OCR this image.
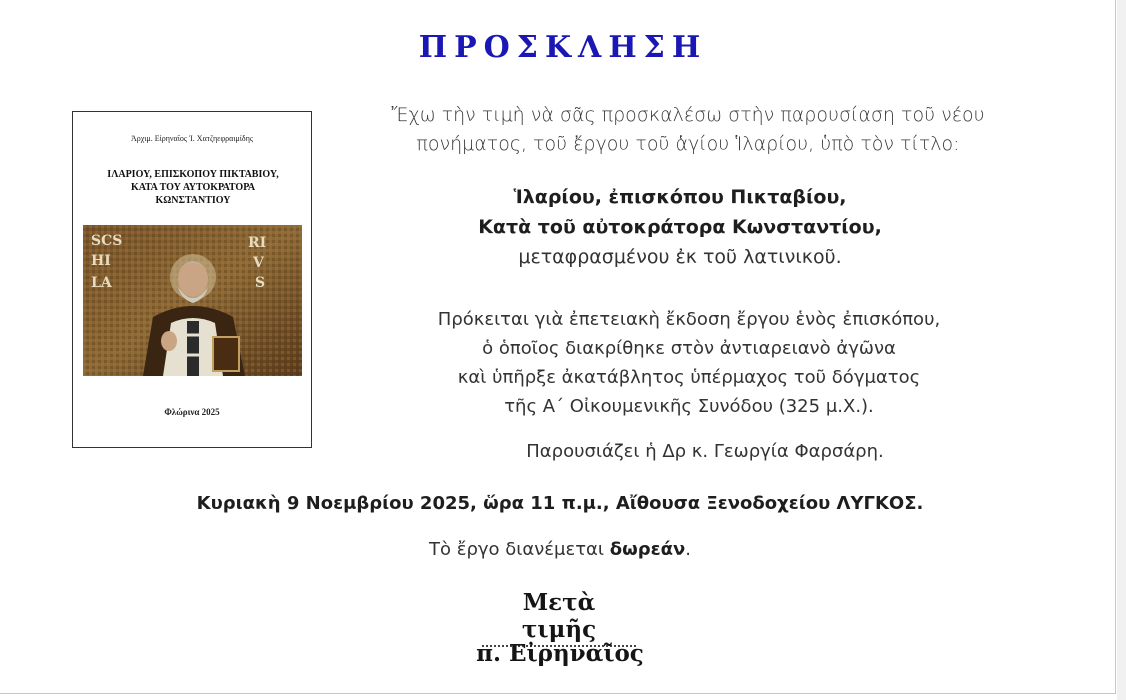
ΠΡΟΣΚΛΗΣΗ
Ἀρχιμ. Εἰρηναῖος Ἰ. Χατζηεφραιμίδης
ΙΛΑΡΙΟΥ, ΕΠΙΣΚΟΠΟΥ ΠΙΚΤΑΒΙΟΥ,
ΚΑΤΑ ΤΟΥ ΑΥΤΟΚΡΑΤΟΡΑ
ΚΩΝΣΤΑΝΤΙΟΥ
SCS
HI
LA
RI
V
S
Φλώρινα 2025
Ἔχω τὴν τιμὴ νὰ σᾶς προσκαλέσω στὴν παρουσίαση τοῦ νέου
πονήματος, τοῦ ἔργου τοῦ ἁγίου Ἱλαρίου, ὑπὸ τὸν τίτλο:
Ἱλαρίου, ἐπισκόπου Πικταβίου,
Κατὰ τοῦ αὐτοκράτορα Κωνσταντίου,
μεταφρασμένου ἐκ τοῦ λατινικοῦ.
Πρόκειται γιὰ ἐπετειακὴ ἔκδοση ἔργου ἑνὸς ἐπισκόπου,
ὁ ὁποῖος διακρίθηκε στὸν ἀντιαρειανὸ ἀγῶνα
καὶ ὑπῆρξε ἀκατάβλητος ὑπέρμαχος τοῦ δόγματος
τῆς Α΄ Οἰκουμενικῆς Συνόδου (325 μ.Χ.).
Παρουσιάζει ἡ Δρ κ. Γεωργία Φαρσάρη.
Κυριακὴ 9 Νοεμβρίου 2025, ὥρα 11 π.μ., Αἴθουσα Ξενοδοχείου ΛΥΓΚΟΣ.
Τὸ ἔργο διανέμεται δωρεάν.
Μετὰ τιμῆς
π. Εἰρηναῖος
